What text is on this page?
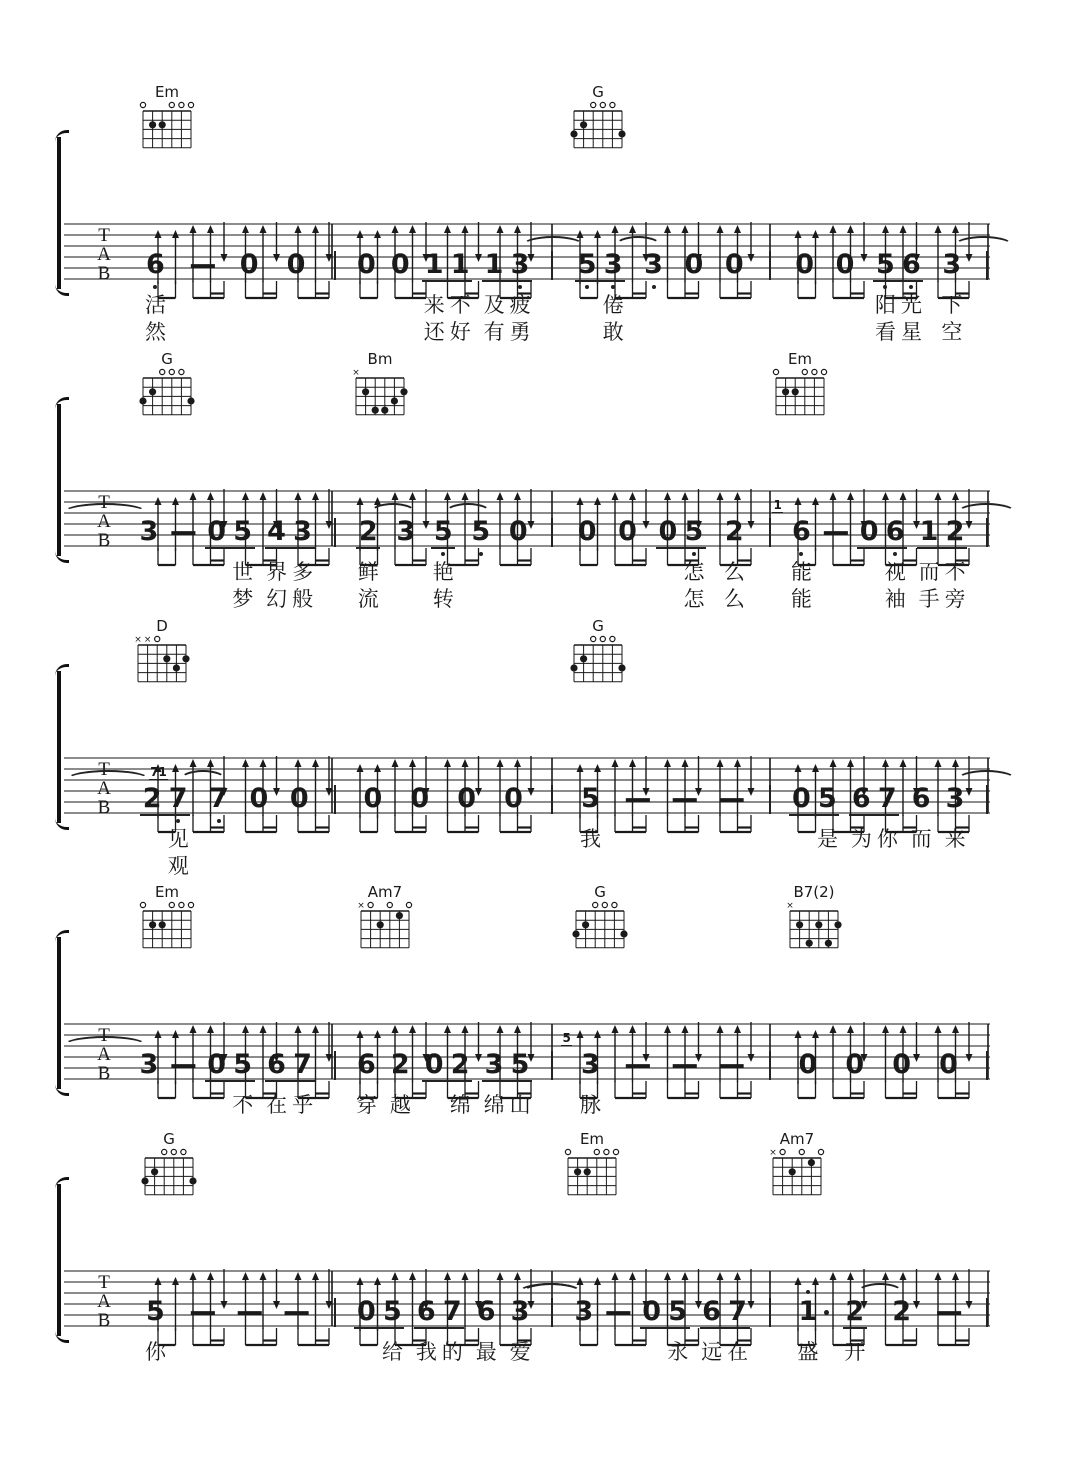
Em	G
T
A
B 6
活
然
— 0 0 0 0 1
来
还
1
不
好
1
及
有
3
疲
勇
5 3
倦
敢
3 0 0 0 0 5
阳
看
6
光
星
3
下
空
G	Bm
×
Em
T
A
B 3 — 0 5
世
梦
4
界
幻
3
多
般
2
鲜
流
3 5
艳
转
5 0 0 0 0 5
怎
怎
2
么
么
6
1
能
能
— 0 6
视
袖
1
而
手
2
不
旁
D
× ×
G
T
A
B 2 7
71
见
观
7 0 0 0 0 0 0 5
我
— — — 0 5
是
6
为
7
你
6
而
3
来
Em	Am7
×
G	B7(2)
×
T
A
B 3 — 0 5
不
6
在
7
乎
6
穿
2
越
0 2
绵
3
绵
5
山
3
5
脉
— — — 0 0 0 0
G	Em	Am7
×
T
A
B 5
你
— — — 0 5
给
6
我
7
的
6
最
3
爱
3 — 0 5
永
6
远
7
在
1
盛
2
开
2 —
